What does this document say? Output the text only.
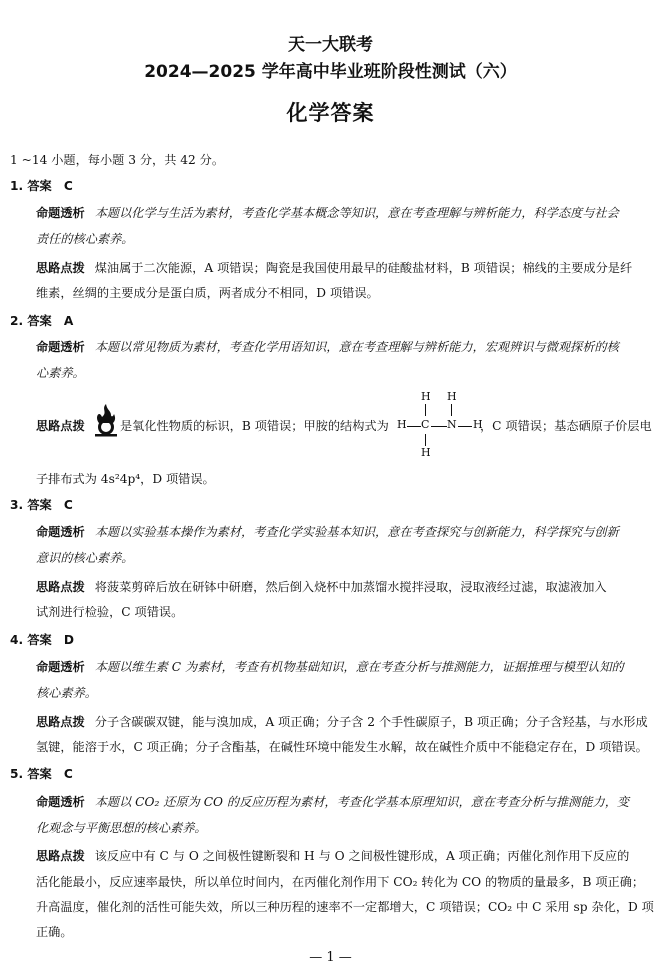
天一大联考
2024—2025 学年高中毕业班阶段性测试（六）
化学答案
1 ~14 小题，每小题 3 分，共 42 分。
1. 答案　C
命题透析 本题以化学与生活为素材，考查化学基本概念等知识，意在考查理解与辨析能力，科学态度与社会
责任的核心素养。
思路点拨 煤油属于二次能源，A 项错误；陶瓷是我国使用最早的硅酸盐材料，B 项错误；棉线的主要成分是纤
维素，丝绸的主要成分是蛋白质，两者成分不相同，D 项错误。
2. 答案　A
命题透析 本题以常见物质为素材，考查化学用语知识，意在考查理解与辨析能力，宏观辨识与微观探析的核
心素养。
思路点拨	是氧化性物质的标识，B 项错误；甲胺的结构式为
H H
H C N H
H
，C 项错误；基态硒原子价层电
子排布式为 4s²4p⁴，D 项错误。
3. 答案　C
命题透析 本题以实验基本操作为素材，考查化学实验基本知识，意在考查探究与创新能力，科学探究与创新
意识的核心素养。
思路点拨 将菠菜剪碎后放在研钵中研磨，然后倒入烧杯中加蒸馏水搅拌浸取，浸取液经过滤，取滤液加入
试剂进行检验，C 项错误。
4. 答案　D
命题透析 本题以维生素 C 为素材，考查有机物基础知识，意在考查分析与推测能力，证据推理与模型认知的
核心素养。
思路点拨 分子含碳碳双键，能与溴加成，A 项正确；分子含 2 个手性碳原子，B 项正确；分子含羟基，与水形成
氢键，能溶于水，C 项正确；分子含酯基，在碱性环境中能发生水解，故在碱性介质中不能稳定存在，D 项错误。
5. 答案　C
命题透析 本题以 CO₂ 还原为 CO 的反应历程为素材，考查化学基本原理知识，意在考查分析与推测能力，变
化观念与平衡思想的核心素养。
思路点拨 该反应中有 C 与 O 之间极性键断裂和 H 与 O 之间极性键形成，A 项正确；丙催化剂作用下反应的
活化能最小，反应速率最快，所以单位时间内，在丙催化剂作用下 CO₂ 转化为 CO 的物质的量最多，B 项正确；
升高温度，催化剂的活性可能失效，所以三种历程的速率不一定都增大，C 项错误；CO₂ 中 C 采用 sp 杂化，D 项
正确。
— 1 —
